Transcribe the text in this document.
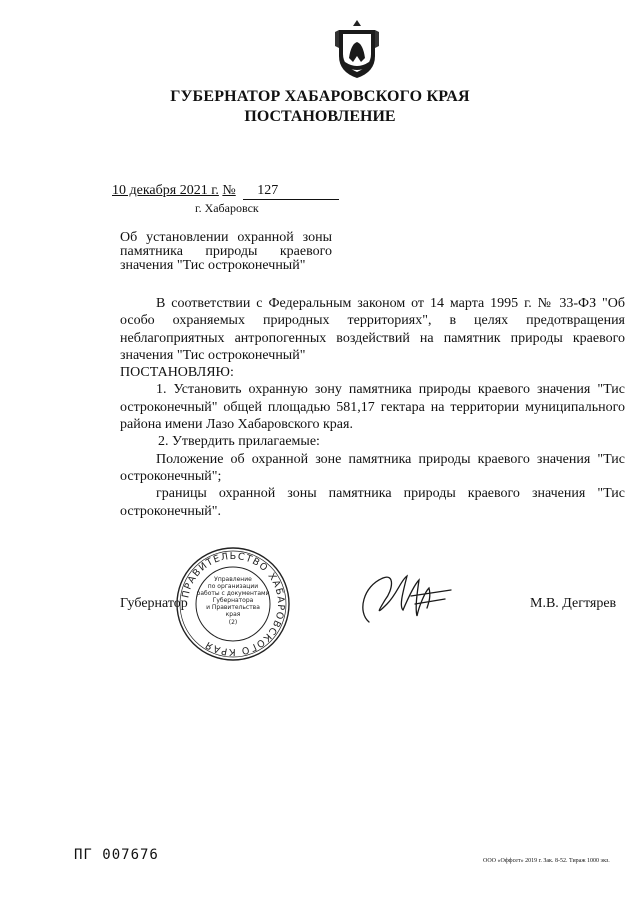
ГУБЕРНАТОР ХАБАРОВСКОГО КРАЯ
ПОСТАНОВЛЕНИЕ
10 декабря 2021 г. № 127
г. Хабаровск
Об установлении охранной зоны
памятника природы краевого
значения "Тис остроконечный"

В соответствии с Федеральным законом от 14 марта 1995 г. № 33-ФЗ "Об особо охраняемых природных территориях", в целях предотвращения неблагоприятных антропогенных воздействий на памятник природы краевого значения "Тис остроконечный"

ПОСТАНОВЛЯЮ:

1. Установить охранную зону памятника природы краевого значения "Тис остроконечный" общей площадью 581,17 гектара на территории муниципального района имени Лазо Хабаровского края.

2. Утвердить прилагаемые:

Положение об охранной зоне памятника природы краевого значения "Тис остроконечный";

границы охранной зоны памятника природы краевого значения "Тис остроконечный".

ПРАВИТЕЛЬСТВО ХАБАРОВСКОГО КРАЯ
Управление
по организации
работы с документами
Губернатора
и Правительства
края
(2)
Губернатор	М.В. Дегтярев
ПГ 007676	ООО «Оффсет» 2019 г. Зак. 8-52. Тираж 1000 экз.
